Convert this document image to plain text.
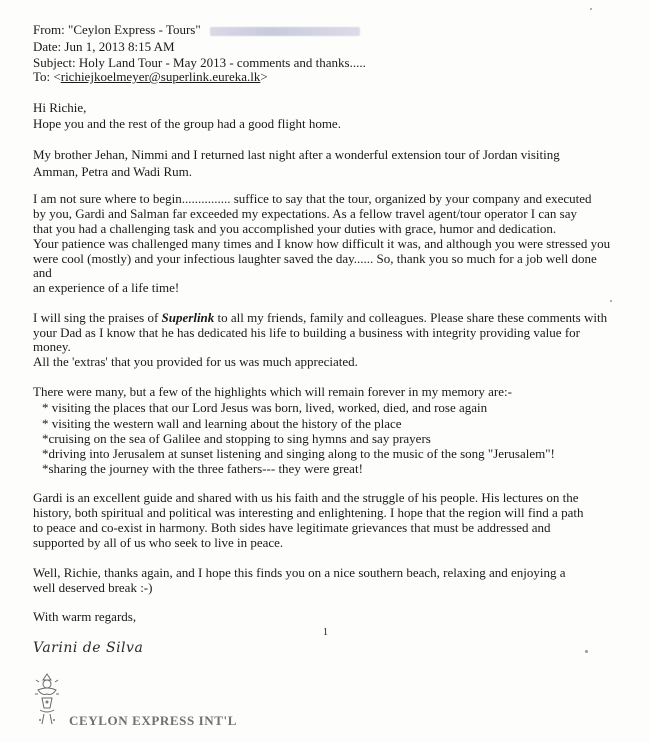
From: "Ceylon Express - Tours"
Date: Jun 1, 2013 8:15 AM
Subject: Holy Land Tour - May 2013 - comments and thanks.....
To: <richiejkoelmeyer@superlink.eureka.lk>
Hi Richie,
Hope you and the rest of the group had a good flight home.
My brother Jehan, Nimmi and I returned last night after a wonderful extension tour of Jordan visiting
Amman, Petra and Wadi Rum.
I am not sure where to begin............... suffice to say that the tour, organized by your company and executed
by you, Gardi and Salman far exceeded my expectations. As a fellow travel agent/tour operator I can say
that you had a challenging task and you accomplished your duties with grace, humor and dedication.
Your patience was challenged many times and I know how difficult it was, and although you were stressed you
were cool (mostly) and your infectious laughter saved the day...... So, thank you so much for a job well done
and
an experience of a life time!
I will sing the praises of Superlink to all my friends, family and colleagues. Please share these comments with
your Dad as I know that he has dedicated his life to building a business with integrity providing value for
money.
All the 'extras' that you provided for us was much appreciated.
There were many, but a few of the highlights which will remain forever in my memory are:-
* visiting the places that our Lord Jesus was born, lived, worked, died, and rose again
* visiting the western wall and learning about the history of the place
*cruising on the sea of Galilee and stopping to sing hymns and say prayers
*driving into Jerusalem at sunset listening and singing along to the music of the song "Jerusalem"!
*sharing the journey with the three fathers--- they were great!
Gardi is an excellent guide and shared with us his faith and the struggle of his people. His lectures on the
history, both spiritual and political was interesting and enlightening. I hope that the region will find a path
to peace and co-exist in harmony. Both sides have legitimate grievances that must be addressed and
supported by all of us who seek to live in peace.
Well, Richie, thanks again, and I hope this finds you on a nice southern beach, relaxing and enjoying a
well deserved break :-)
With warm regards,
1
Varini de Silva
CEYLON EXPRESS INT'L
